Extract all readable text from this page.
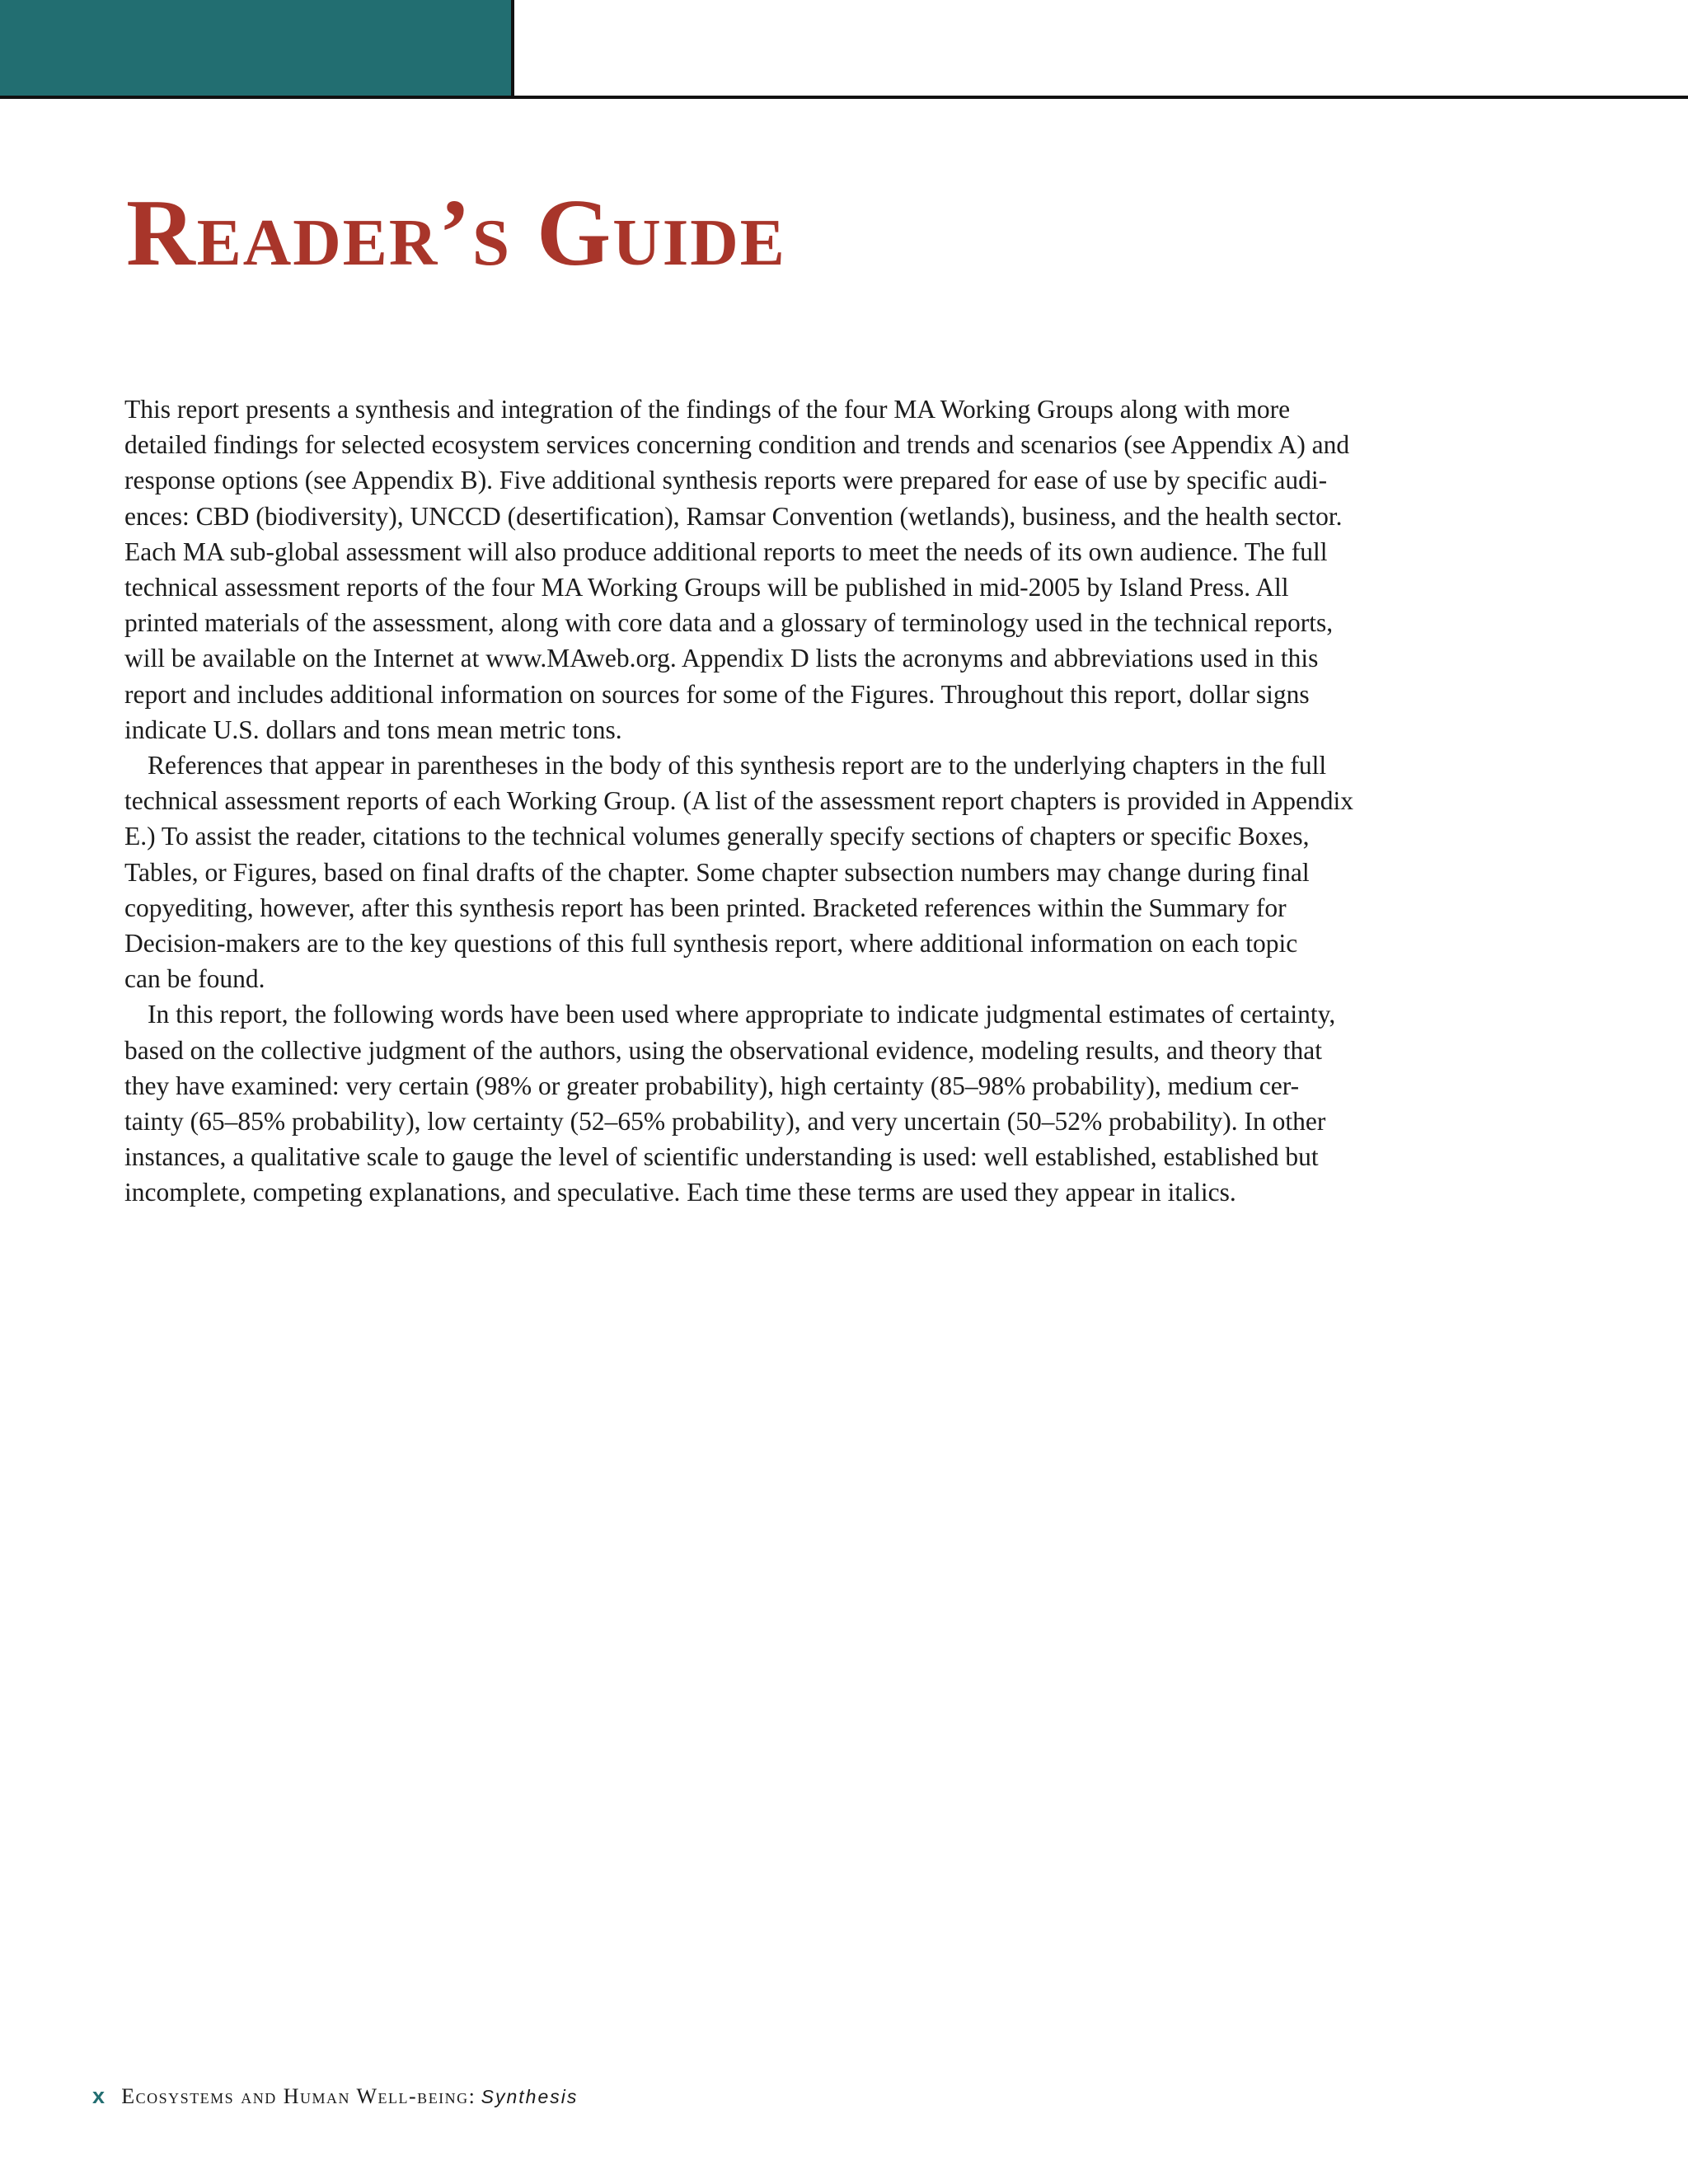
Reader’s Guide
This report presents a synthesis and integration of the findings of the four MA Working Groups along with more
detailed findings for selected ecosystem services concerning condition and trends and scenarios (see Appendix A) and
response options (see Appendix B). Five additional synthesis reports were prepared for ease of use by specific audi-
ences: CBD (biodiversity), UNCCD (desertification), Ramsar Convention (wetlands), business, and the health sector.
Each MA sub-global assessment will also produce additional reports to meet the needs of its own audience. The full
technical assessment reports of the four MA Working Groups will be published in mid-2005 by Island Press. All
printed materials of the assessment, along with core data and a glossary of terminology used in the technical reports,
will be available on the Internet at www.MAweb.org. Appendix D lists the acronyms and abbreviations used in this
report and includes additional information on sources for some of the Figures. Throughout this report, dollar signs
indicate U.S. dollars and tons mean metric tons.
References that appear in parentheses in the body of this synthesis report are to the underlying chapters in the full
technical assessment reports of each Working Group. (A list of the assessment report chapters is provided in Appendix
E.) To assist the reader, citations to the technical volumes generally specify sections of chapters or specific Boxes,
Tables, or Figures, based on final drafts of the chapter. Some chapter subsection numbers may change during final
copyediting, however, after this synthesis report has been printed. Bracketed references within the Summary for
Decision-makers are to the key questions of this full synthesis report, where additional information on each topic
can be found.
In this report, the following words have been used where appropriate to indicate judgmental estimates of certainty,
based on the collective judgment of the authors, using the observational evidence, modeling results, and theory that
they have examined: very certain (98% or greater probability), high certainty (85–98% probability), medium cer-
tainty (65–85% probability), low certainty (52–65% probability), and very uncertain (50–52% probability). In other
instances, a qualitative scale to gauge the level of scientific understanding is used: well established, established but
incomplete, competing explanations, and speculative. Each time these terms are used they appear in italics.
x Ecosystems and Human Well-being: Synthesis
